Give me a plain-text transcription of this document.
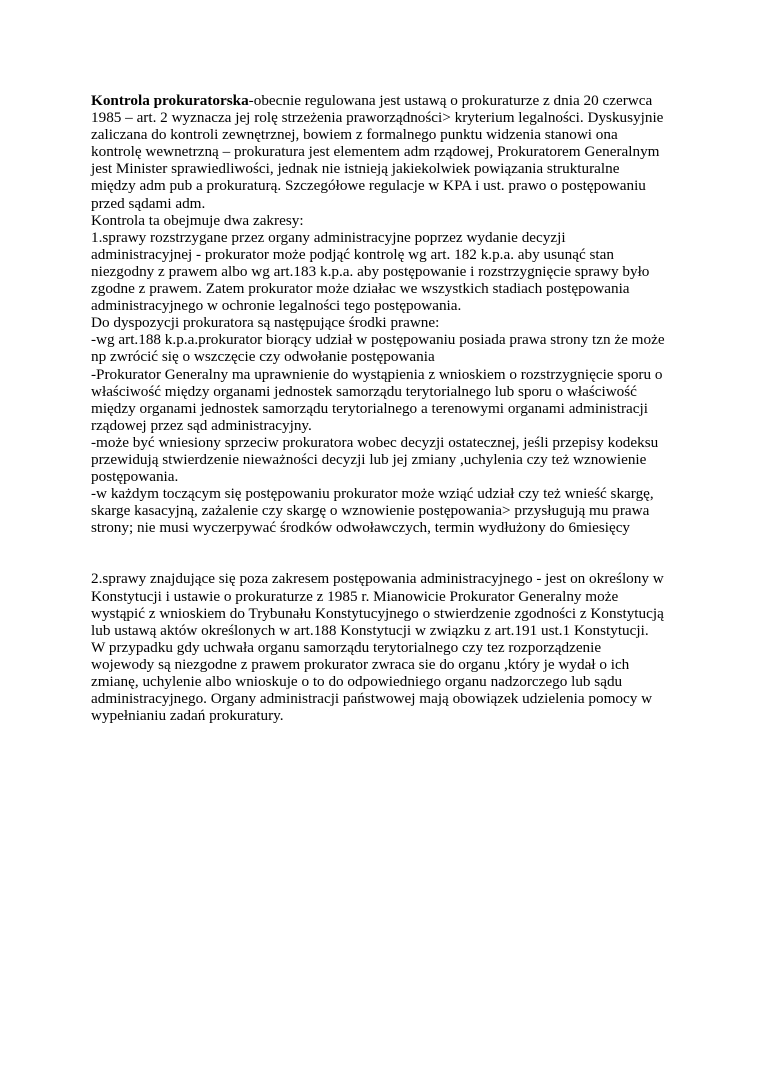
Kontrola prokuratorska-obecnie regulowana jest ustawą o prokuraturze z dnia 20 czerwca
1985 – art. 2 wyznacza jej rolę strzeżenia praworządności> kryterium legalności. Dyskusyjnie
zaliczana do kontroli zewnętrznej, bowiem z formalnego punktu widzenia stanowi ona
kontrolę wewnetrzną – prokuratura jest elementem adm rządowej, Prokuratorem Generalnym
jest Minister sprawiedliwości, jednak nie istnieją jakiekolwiek powiązania strukturalne
między adm pub a prokuraturą. Szczegółowe regulacje w KPA i ust. prawo o postępowaniu
przed sądami adm.
Kontrola ta obejmuje dwa zakresy:
1.sprawy rozstrzygane przez organy administracyjne poprzez wydanie decyzji
administracyjnej - prokurator może podjąć kontrolę wg art. 182 k.p.a. aby usunąć stan
niezgodny z prawem albo wg art.183 k.p.a. aby postępowanie i rozstrzygnięcie sprawy było
zgodne z prawem. Zatem prokurator może działac we wszystkich stadiach postępowania
administracyjnego w ochronie legalności tego postępowania.
Do dyspozycji prokuratora są następujące środki prawne:
-wg art.188 k.p.a.prokurator biorący udział w postępowaniu posiada prawa strony tzn że może
np zwrócić się o wszczęcie czy odwołanie postępowania
-Prokurator Generalny ma uprawnienie do wystąpienia z wnioskiem o rozstrzygnięcie sporu o
właściwość między organami jednostek samorządu terytorialnego lub sporu o właściwość
między organami jednostek samorządu terytorialnego a terenowymi organami administracji
rządowej przez sąd administracyjny.
-może być wniesiony sprzeciw prokuratora wobec decyzji ostatecznej, jeśli przepisy kodeksu
przewidują stwierdzenie nieważności decyzji lub jej zmiany ,uchylenia czy też wznowienie
postępowania.
-w każdym toczącym się postępowaniu prokurator może wziąć udział czy też wnieść skargę,
skarge kasacyjną, zażalenie czy skargę o wznowienie postępowania> przysługują mu prawa
strony; nie musi wyczerpywać środków odwoławczych, termin wydłużony do 6miesięcy
2.sprawy znajdujące się poza zakresem postępowania administracyjnego - jest on określony w
Konstytucji i ustawie o prokuraturze z 1985 r. Mianowicie Prokurator Generalny może
wystąpić z wnioskiem do Trybunału Konstytucyjnego o stwierdzenie zgodności z Konstytucją
lub ustawą aktów określonych w art.188 Konstytucji w związku z art.191 ust.1 Konstytucji.
W przypadku gdy uchwała organu samorządu terytorialnego czy tez rozporządzenie
wojewody są niezgodne z prawem prokurator zwraca sie do organu ,który je wydał o ich
zmianę, uchylenie albo wnioskuje o to do odpowiedniego organu nadzorczego lub sądu
administracyjnego. Organy administracji państwowej mają obowiązek udzielenia pomocy w
wypełnianiu zadań prokuratury.
